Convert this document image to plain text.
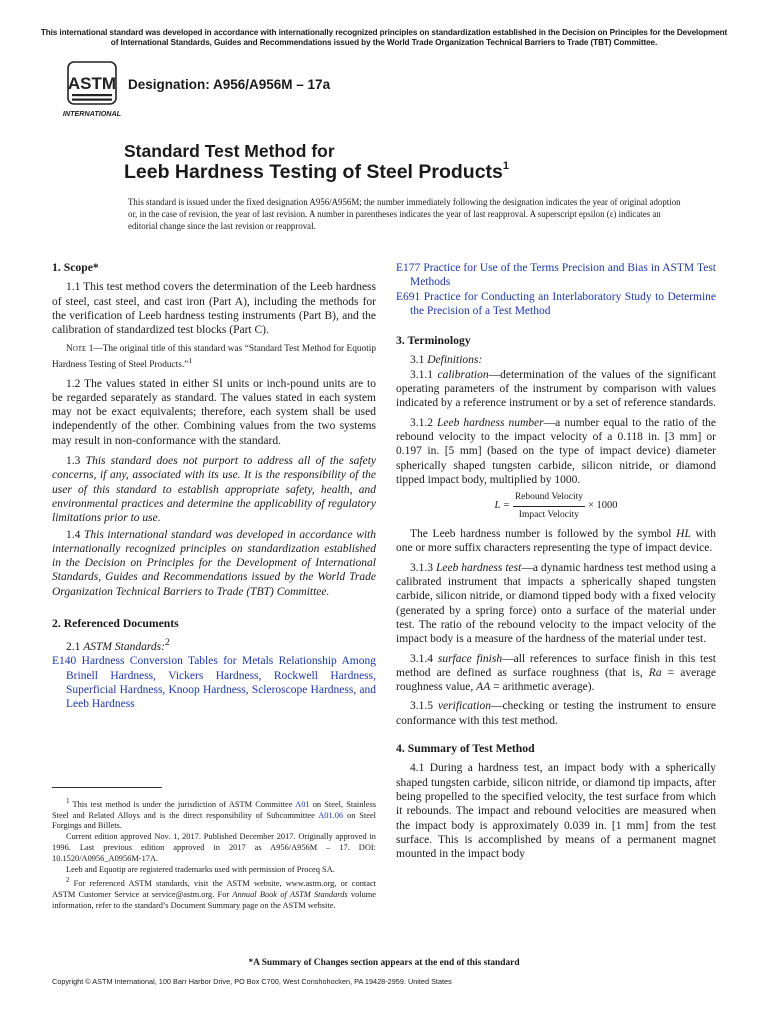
This international standard was developed in accordance with internationally recognized principles on standardization established in the Decision on Principles for the Development of International Standards, Guides and Recommendations issued by the World Trade Organization Technical Barriers to Trade (TBT) Committee.
ASTM
INTERNATIONAL
Designation: A956/A956M – 17a
Standard Test Method for
Leeb Hardness Testing of Steel Products$^1$
This standard is issued under the fixed designation A956/A956M; the number immediately following the designation indicates the year of original adoption or, in the case of revision, the year of last revision. A number in parentheses indicates the year of last reapproval. A superscript epsilon (ε) indicates an editorial change since the last revision or reapproval.

1. Scope*

1.1 This test method covers the determination of the Leeb hardness of steel, cast steel, and cast iron (Part A), including the methods for the verification of Leeb hardness testing instruments (Part B), and the calibration of standardized test blocks (Part C).

Note 1—The original title of this standard was “Standard Test Method for Equotip Hardness Testing of Steel Products.”$^1$

1.2 The values stated in either SI units or inch-pound units are to be regarded separately as standard. The values stated in each system may not be exact equivalents; therefore, each system shall be used independently of the other. Combining values from the two systems may result in non-conformance with the standard.

1.3 This standard does not purport to address all of the safety concerns, if any, associated with its use. It is the responsibility of the user of this standard to establish appropriate safety, health, and environmental practices and determine the applicability of regulatory limitations prior to use.

1.4 This international standard was developed in accordance with internationally recognized principles on standardization established in the Decision on Principles for the Development of International Standards, Guides and Recommendations issued by the World Trade Organization Technical Barriers to Trade (TBT) Committee.

2. Referenced Documents

2.1 ASTM Standards:$^2$

E140 Hardness Conversion Tables for Metals Relationship Among Brinell Hardness, Vickers Hardness, Rockwell Hardness, Superficial Hardness, Knoop Hardness, Scleroscope Hardness, and Leeb Hardness

$^1$ This test method is under the jurisdiction of ASTM Committee A01 on Steel, Stainless Steel and Related Alloys and is the direct responsibility of Subcommittee A01.06 on Steel Forgings and Billets.

Current edition approved Nov. 1, 2017. Published December 2017. Originally approved in 1996. Last previous edition approved in 2017 as A956/A956M – 17. DOI: 10.1520/A0956_A0956M-17A.

Leeb and Equotip are registered trademarks used with permission of Proceq SA.

$^2$ For referenced ASTM standards, visit the ASTM website, www.astm.org, or contact ASTM Customer Service at service@astm.org. For Annual Book of ASTM Standards volume information, refer to the standard’s Document Summary page on the ASTM website.

E177 Practice for Use of the Terms Precision and Bias in ASTM Test Methods

E691 Practice for Conducting an Interlaboratory Study to Determine the Precision of a Test Method

3. Terminology

3.1 Definitions:

3.1.1 calibration—determination of the values of the significant operating parameters of the instrument by comparison with values indicated by a reference instrument or by a set of reference standards.

3.1.2 Leeb hardness number—a number equal to the ratio of the rebound velocity to the impact velocity of a 0.118 in. [3 mm] or 0.197 in. [5 mm] (based on the type of impact device) diameter spherically shaped tungsten carbide, silicon nitride, or diamond tipped impact body, multiplied by 1000.

$L = \frac{\text{Rebound Velocity}}{\text{Impact Velocity}} \times 1000$

The Leeb hardness number is followed by the symbol HL with one or more suffix characters representing the type of impact device.

3.1.3 Leeb hardness test—a dynamic hardness test method using a calibrated instrument that impacts a spherically shaped tungsten carbide, silicon nitride, or diamond tipped body with a fixed velocity (generated by a spring force) onto a surface of the material under test. The ratio of the rebound velocity to the impact velocity of the impact body is a measure of the hardness of the material under test.

3.1.4 surface finish—all references to surface finish in this test method are defined as surface roughness (that is, Ra = average roughness value, AA = arithmetic average).

3.1.5 verification—checking or testing the instrument to ensure conformance with this test method.

4. Summary of Test Method

4.1 During a hardness test, an impact body with a spherically shaped tungsten carbide, silicon nitride, or diamond tip impacts, after being propelled to the specified velocity, the test surface from which it rebounds. The impact and rebound velocities are measured when the impact body is approximately 0.039 in. [1 mm] from the test surface. This is accomplished by means of a permanent magnet mounted in the impact body

*A Summary of Changes section appears at the end of this standard
Copyright © ASTM International, 100 Barr Harbor Drive, PO Box C700, West Conshohocken, PA 19428-2959. United States
